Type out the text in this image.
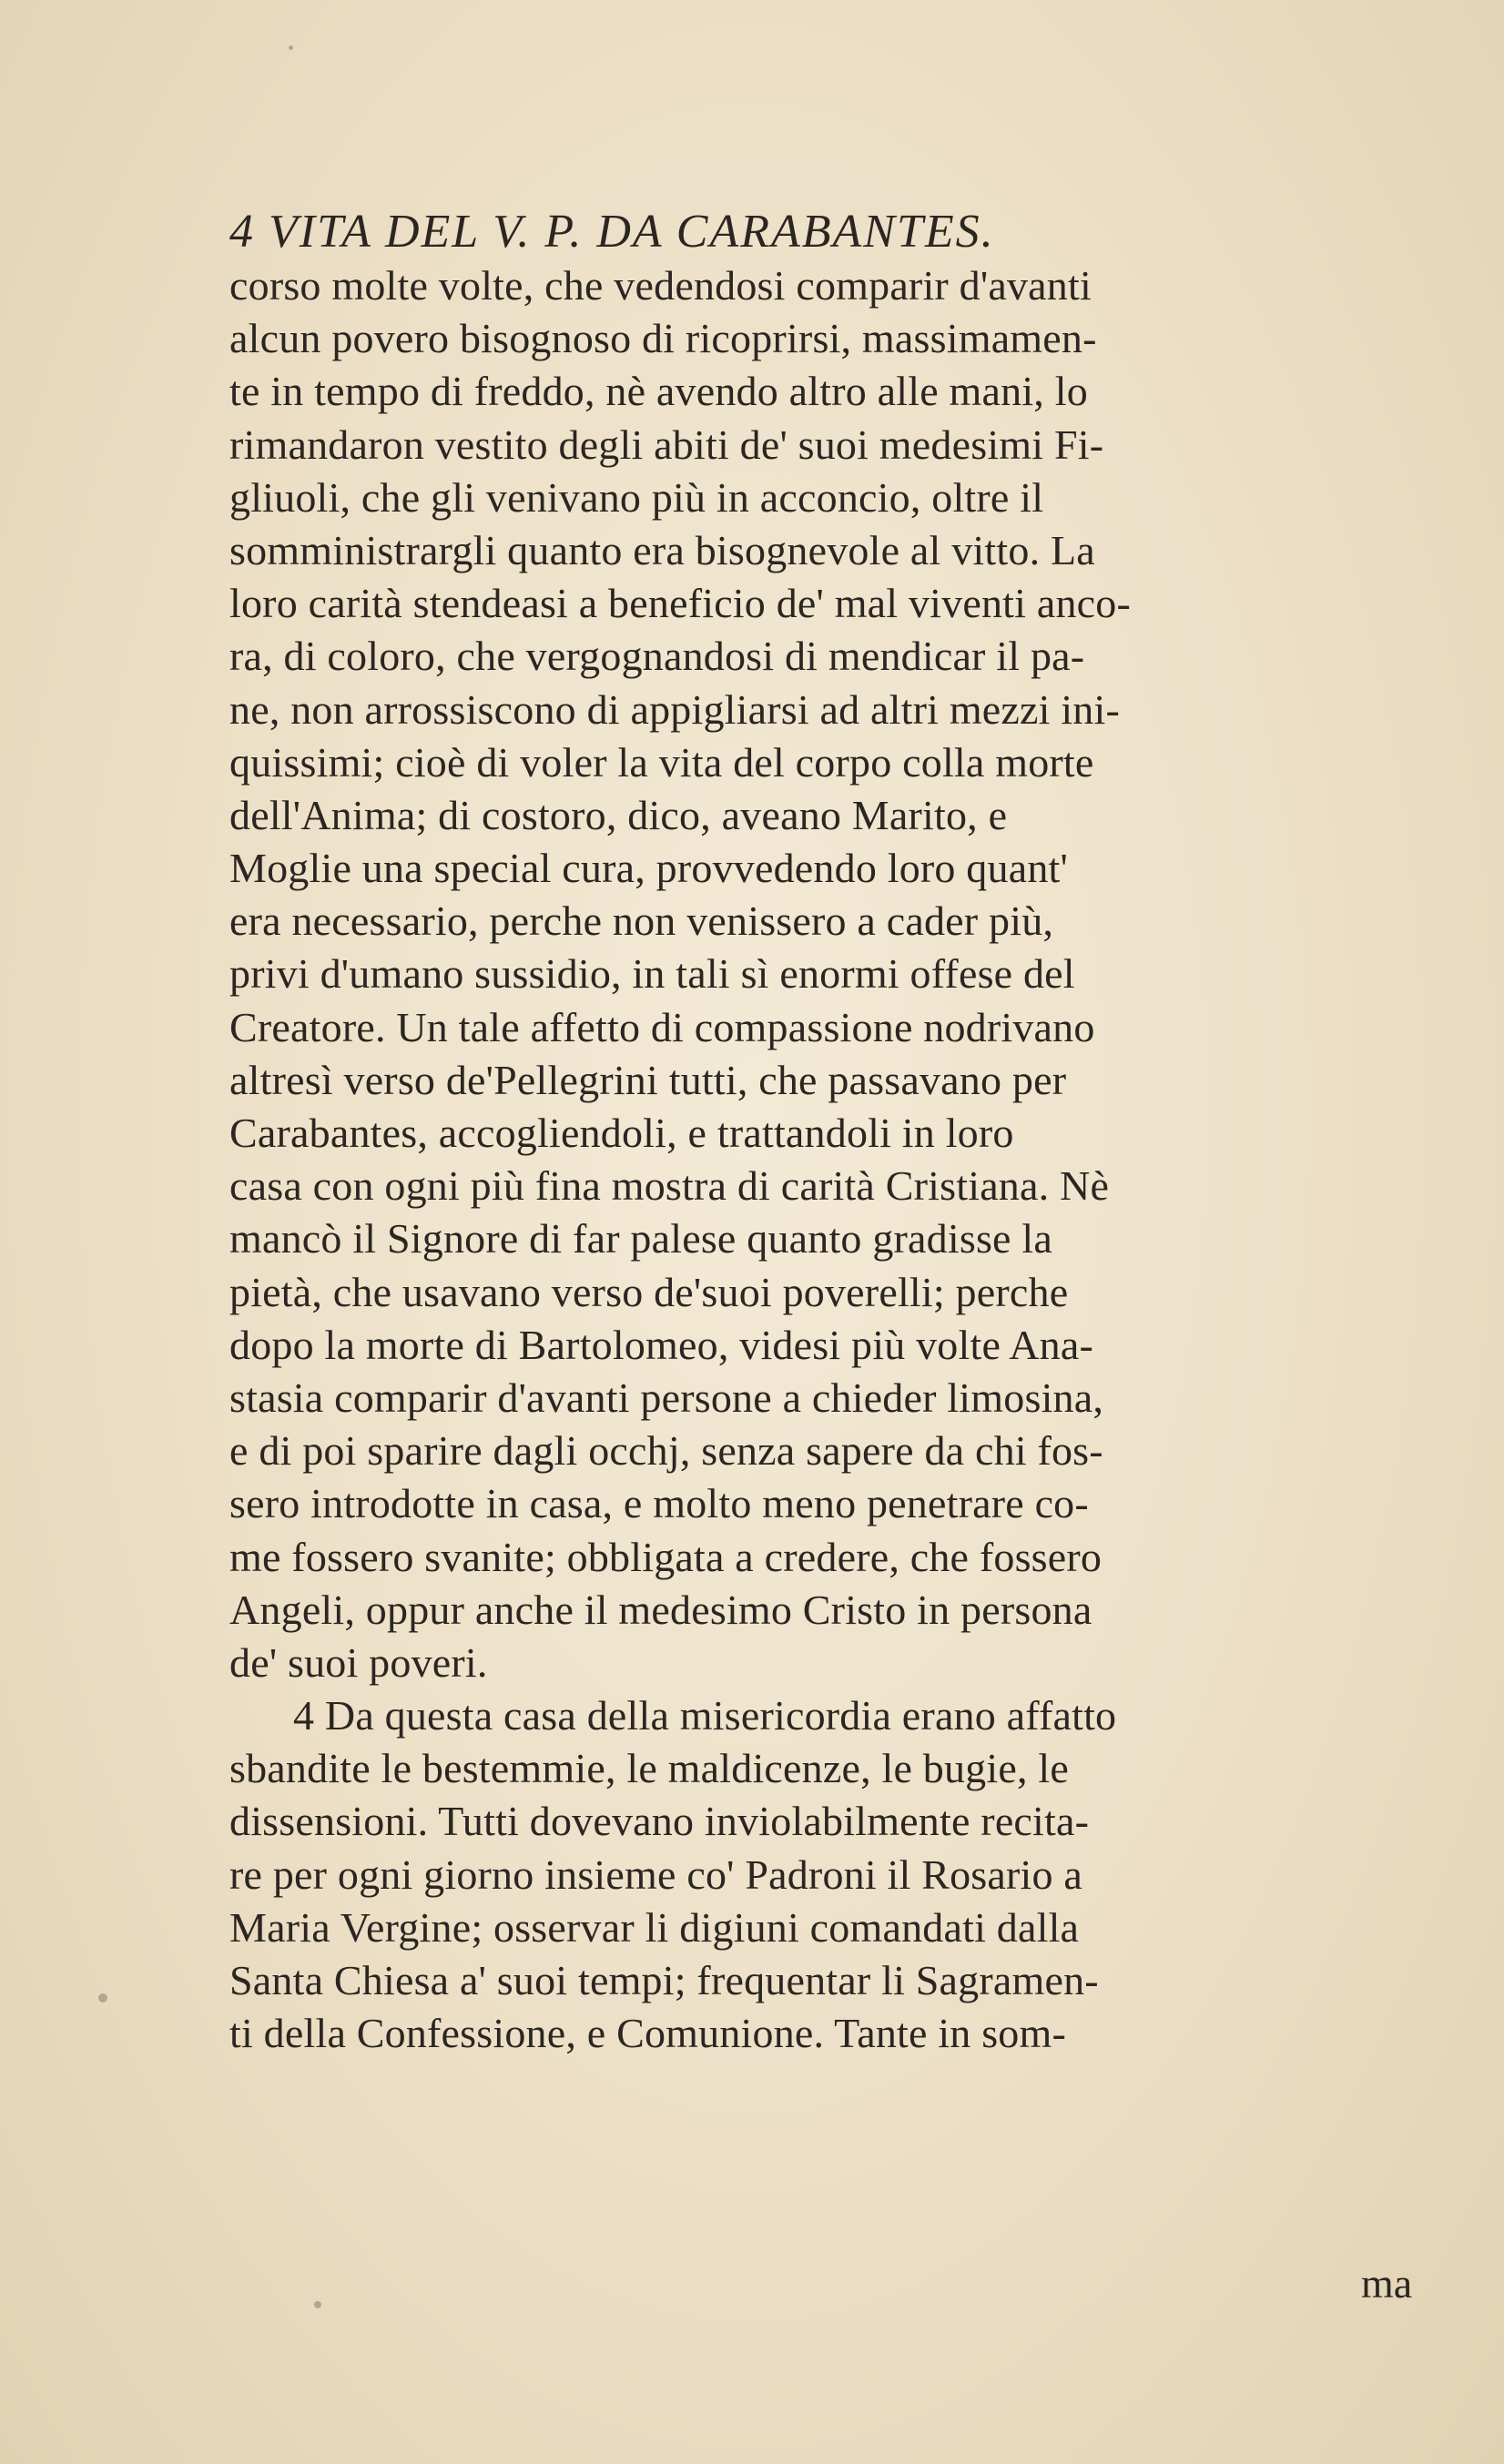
4 VITA DEL V. P. DA CARABANTES.
corso molte volte, che vedendosi comparir d'avanti
alcun povero bisognoso di ricoprirsi, massimamen-
te in tempo di freddo, nè avendo altro alle mani, lo
rimandaron vestito degli abiti de' suoi medesimi Fi-
gliuoli, che gli venivano più in acconcio, oltre il
somministrargli quanto era bisognevole al vitto. La
loro carità stendeasi a beneficio de' mal viventi anco-
ra, di coloro, che vergognandosi di mendicar il pa-
ne, non arrossiscono di appigliarsi ad altri mezzi ini-
quissimi; cioè di voler la vita del corpo colla morte
dell'Anima; di costoro, dico, aveano Marito, e
Moglie una special cura, provvedendo loro quant'
era necessario, perche non venissero a cader più,
privi d'umano sussidio, in tali sì enormi offese del
Creatore. Un tale affetto di compassione nodrivano
altresì verso de'Pellegrini tutti, che passavano per
Carabantes, accogliendoli, e trattandoli in loro
casa con ogni più fina mostra di carità Cristiana. Nè
mancò il Signore di far palese quanto gradisse la
pietà, che usavano verso de'suoi poverelli; perche
dopo la morte di Bartolomeo, videsi più volte Ana-
stasia comparir d'avanti persone a chieder limosina,
e di poi sparire dagli occhj, senza sapere da chi fos-
sero introdotte in casa, e molto meno penetrare co-
me fossero svanite; obbligata a credere, che fossero
Angeli, oppur anche il medesimo Cristo in persona
de' suoi poveri.
4 Da questa casa della misericordia erano affatto
sbandite le bestemmie, le maldicenze, le bugie, le
dissensioni. Tutti dovevano inviolabilmente recita-
re per ogni giorno insieme co' Padroni il Rosario a
Maria Vergine; osservar li digiuni comandati dalla
Santa Chiesa a' suoi tempi; frequentar li Sagramen-
ti della Confessione, e Comunione. Tante in som-
ma
